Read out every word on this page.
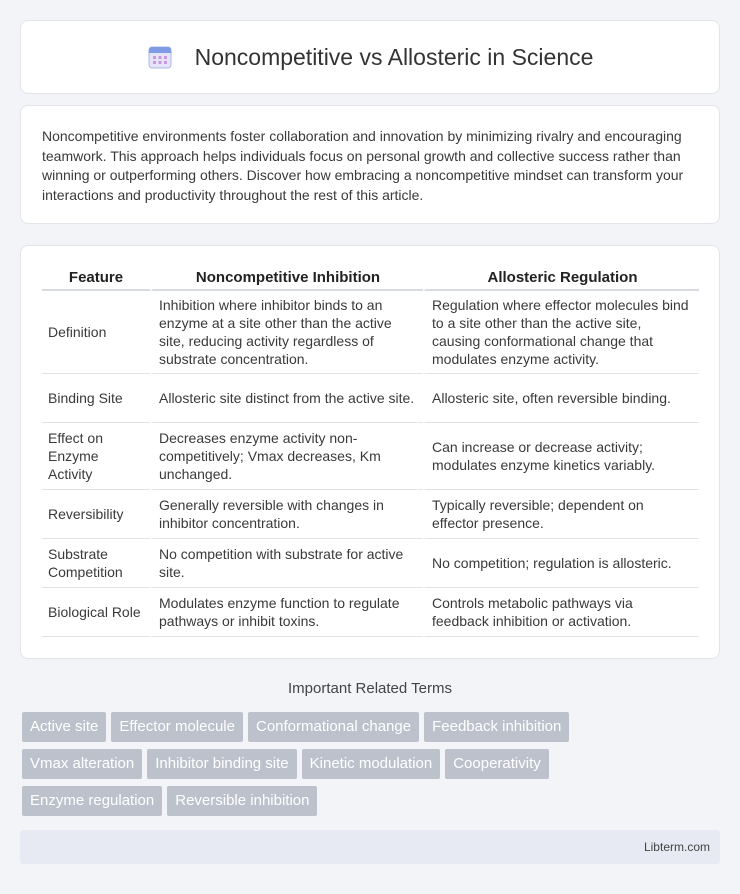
Noncompetitive vs Allosteric in Science

Noncompetitive environments foster collaboration and innovation by minimizing rivalry and encouraging teamwork. This approach helps individuals focus on personal growth and collective success rather than winning or outperforming others. Discover how embracing a noncompetitive mindset can transform your interactions and productivity throughout the rest of this article.

Feature	Noncompetitive Inhibition	Allosteric Regulation
Definition	Inhibition where inhibitor binds to an enzyme at a site other than the active site, reducing activity regardless of substrate concentration.	Regulation where effector molecules bind to a site other than the active site, causing conformational change that modulates enzyme activity.
Binding Site	Allosteric site distinct from the active site.	Allosteric site, often reversible binding.
Effect on Enzyme Activity	Decreases enzyme activity non-competitively; Vmax decreases, Km unchanged.	Can increase or decrease activity; modulates enzyme kinetics variably.
Reversibility	Generally reversible with changes in inhibitor concentration.	Typically reversible; dependent on effector presence.
Substrate Competition	No competition with substrate for active site.	No competition; regulation is allosteric.
Biological Role	Modulates enzyme function to regulate pathways or inhibit toxins.	Controls metabolic pathways via feedback inhibition or activation.
Important Related Terms
Active site Effector molecule Conformational change Feedback inhibition
Vmax alteration Inhibitor binding site Kinetic modulation Cooperativity
Enzyme regulation Reversible inhibition
Libterm.com
